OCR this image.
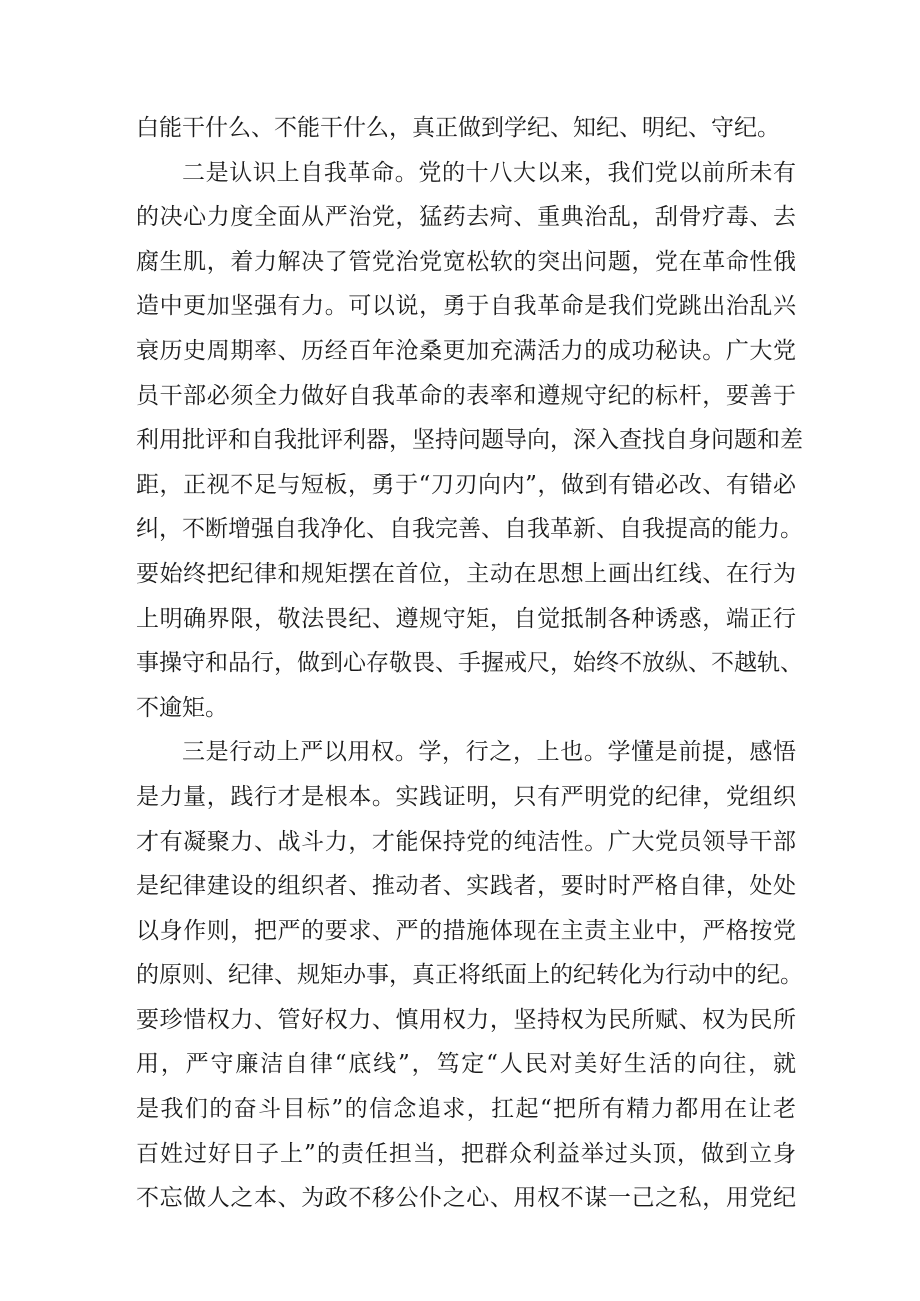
白能干什么、不能干什么，真正做到学纪、知纪、明纪、守纪。
二是认识上自我革命。党的十八大以来，我们党以前所未有
的决心力度全面从严治党，猛药去疴、重典治乱，刮骨疗毒、去
腐生肌，着力解决了管党治党宽松软的突出问题，党在革命性俄
造中更加坚强有力。可以说，勇于自我革命是我们党跳出治乱兴
衰历史周期率、历经百年沧桑更加充满活力的成功秘诀。广大党
员干部必须全力做好自我革命的表率和遵规守纪的标杆，要善于
利用批评和自我批评利器，坚持问题导向，深入查找自身问题和差
距，正视不足与短板，勇于“刀刃向内”，做到有错必改、有错必
纠，不断增强自我净化、自我完善、自我革新、自我提高的能力。
要始终把纪律和规矩摆在首位，主动在思想上画出红线、在行为
上明确界限，敬法畏纪、遵规守矩，自觉抵制各种诱惑，端正行
事操守和品行，做到心存敬畏、手握戒尺，始终不放纵、不越轨、
不逾矩。
三是行动上严以用权。学，行之，上也。学懂是前提，感悟
是力量，践行才是根本。实践证明，只有严明党的纪律，党组织
才有凝聚力、战斗力，才能保持党的纯洁性。广大党员领导干部
是纪律建设的组织者、推动者、实践者，要时时严格自律，处处
以身作则，把严的要求、严的措施体现在主责主业中，严格按党
的原则、纪律、规矩办事，真正将纸面上的纪转化为行动中的纪。
要珍惜权力、管好权力、慎用权力，坚持权为民所赋、权为民所
用，严守廉洁自律“底线”，笃定“人民对美好生活的向往，就
是我们的奋斗目标”的信念追求，扛起“把所有精力都用在让老
百姓过好日子上”的责任担当，把群众利益举过头顶，做到立身
不忘做人之本、为政不移公仆之心、用权不谋一己之私，用党纪
